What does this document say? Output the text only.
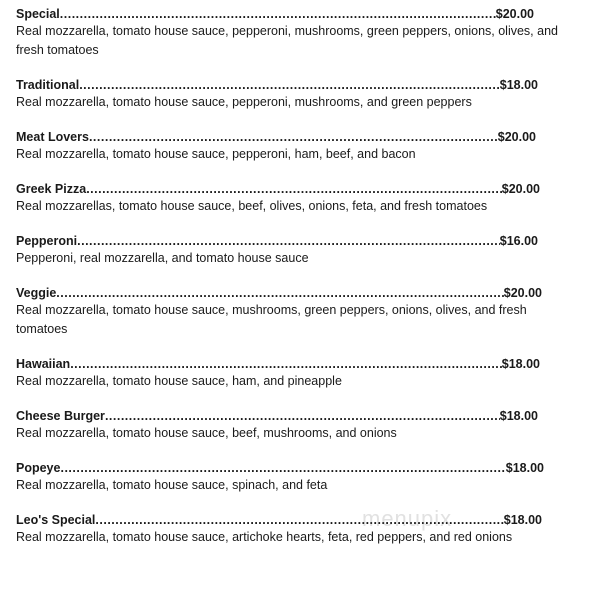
Special .....	$20.00
Real mozzarella, tomato house sauce, pepperoni, mushrooms, green peppers, onions, olives, and fresh tomatoes
Traditional .....	$18.00
Real mozzarella, tomato house sauce, pepperoni, mushrooms, and green peppers
Meat Lovers .....	$20.00
Real mozzarella, tomato house sauce, pepperoni, ham, beef, and bacon
Greek Pizza .....	$20.00
Real mozzarellas, tomato house sauce, beef, olives, onions, feta, and fresh tomatoes
Pepperoni .....	$16.00
Pepperoni, real mozzarella, and tomato house sauce
Veggie .....	$20.00
Real mozzarella, tomato house sauce, mushrooms, green peppers, onions, olives, and fresh tomatoes
Hawaiian .....	$18.00
Real mozzarella, tomato house sauce, ham, and pineapple
Cheese Burger .....	$18.00
Real mozzarella, tomato house sauce, beef, mushrooms, and onions
Popeye .....	$18.00
Real mozzarella, tomato house sauce, spinach, and feta
Leo's Special .....	$18.00
Real mozzarella, tomato house sauce, artichoke hearts, feta, red peppers, and red onions
menupix
